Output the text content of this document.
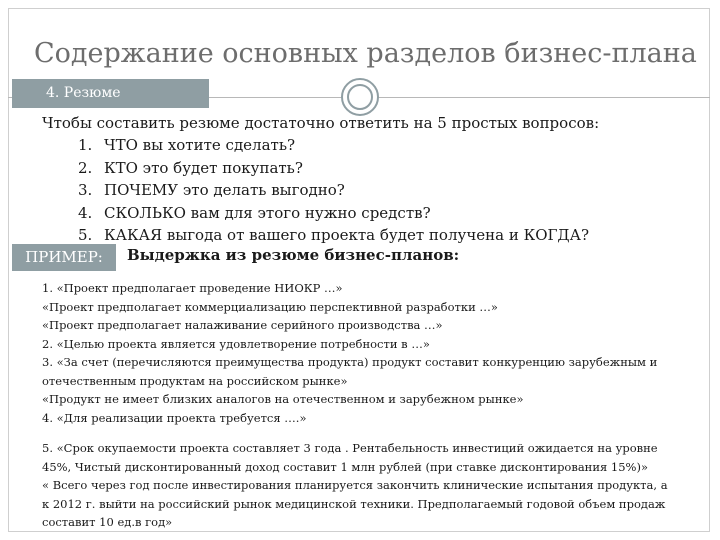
Содержание основных разделов бизнес-плана
4. Резюме
Чтобы составить резюме достаточно ответить на 5 простых вопросов:
1. ЧТО вы хотите сделать?
2. КТО это будет покупать?
3. ПОЧЕМУ это делать выгодно?
4. СКОЛЬКО вам для этого нужно средств?
5. КАКАЯ выгода от вашего проекта будет получена и КОГДА?
ПРИМЕР:	Выдержка из резюме бизнес-планов:
1. «Проект предполагает проведение НИОКР …»
«Проект предполагает коммерциализацию перспективной разработки …»
«Проект предполагает налаживание серийного производства …»
2. «Целью проекта является удовлетворение потребности в …»
3. «За счет (перечисляются преимущества продукта) продукт составит конкуренцию зарубежным и
отечественным продуктам на российском рынке»
«Продукт не имеет близких аналогов на отечественном и зарубежном рынке»
4. «Для реализации проекта требуется ….»
5. «Срок окупаемости проекта составляет 3 года . Рентабельность инвестиций ожидается на уровне
45%, Чистый дисконтированный доход составит 1 млн рублей (при ставке дисконтирования 15%)»
« Всего через год после инвестирования планируется закончить клинические испытания продукта, а
к 2012 г. выйти на российский рынок медицинской техники. Предполагаемый годовой объем продаж
составит 10 ед.в год»
